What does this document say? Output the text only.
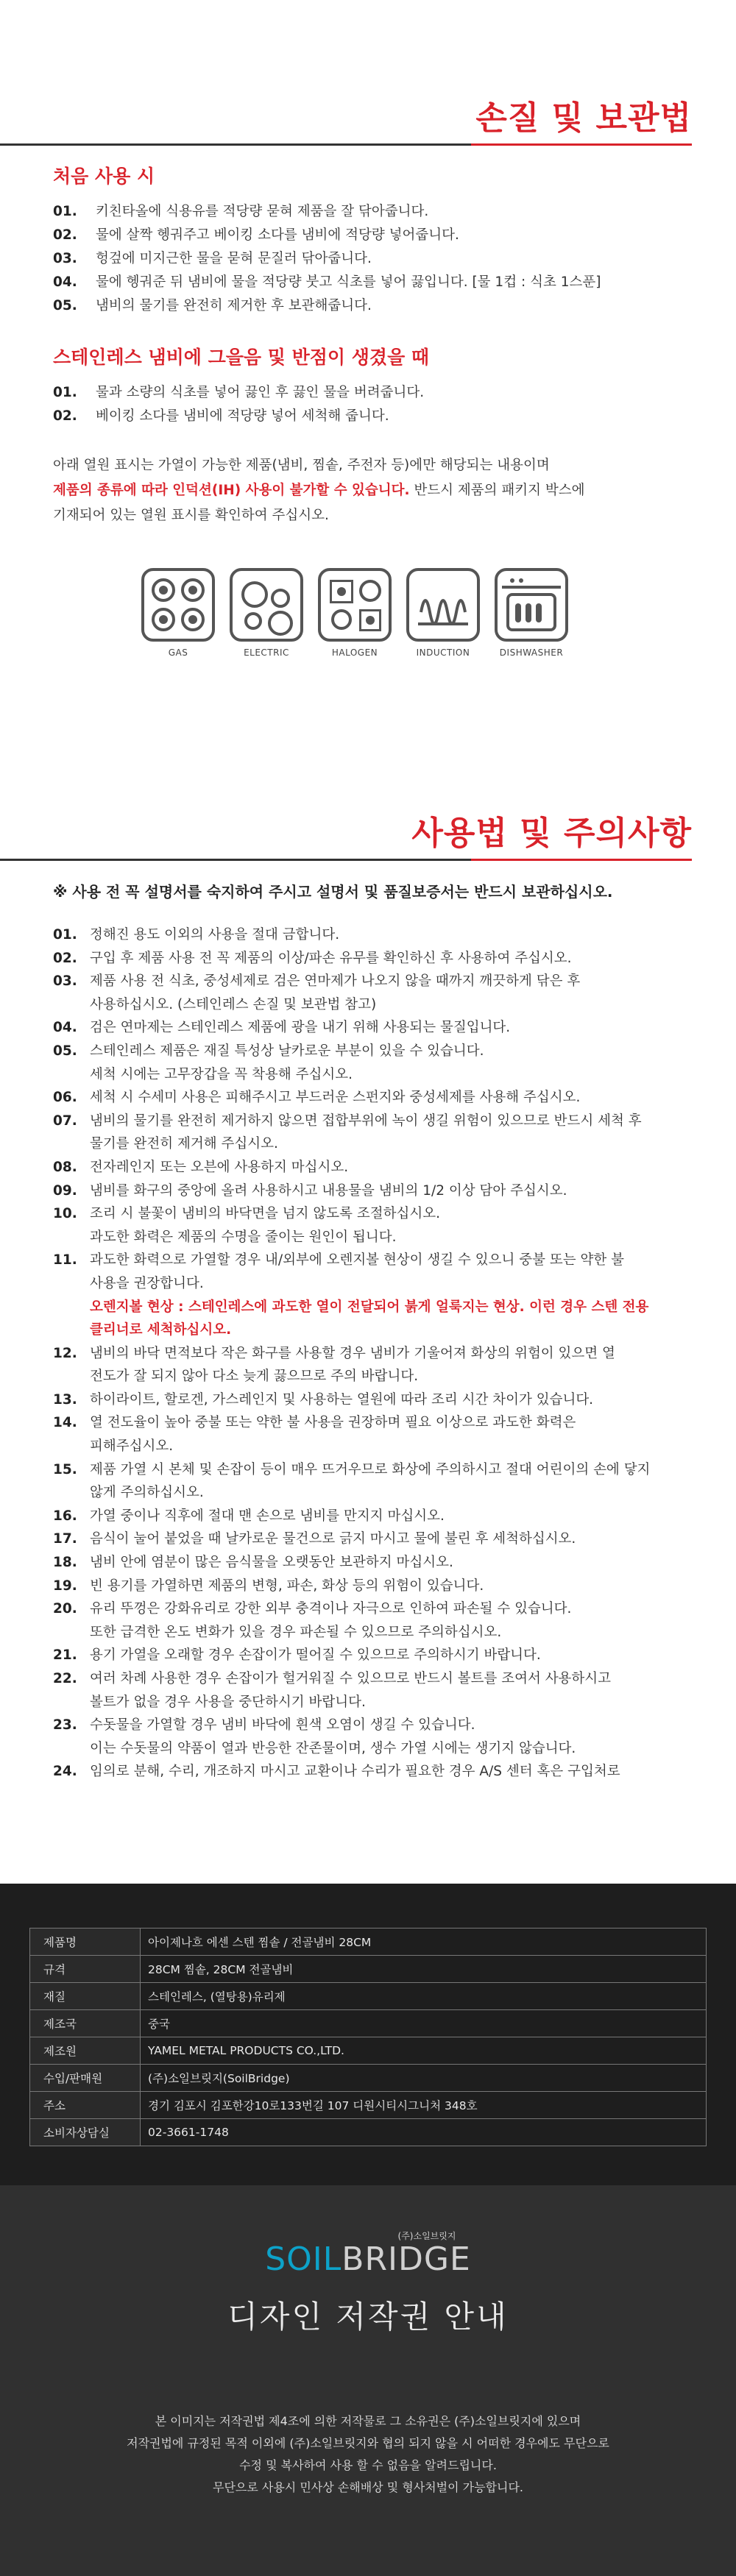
손질 및 보관법
처음 사용 시
01.	키친타올에 식용유를 적당량 묻혀 제품을 잘 닦아줍니다.
02.	물에 살짝 헹궈주고 베이킹 소다를 냄비에 적당량 넣어줍니다.
03.	헝겊에 미지근한 물을 묻혀 문질러 닦아줍니다.
04.	물에 헹궈준 뒤 냄비에 물을 적당량 붓고 식초를 넣어 끓입니다. [물 1컵 : 식초 1스푼]
05.	냄비의 물기를 완전히 제거한 후 보관해줍니다.
스테인레스 냄비에 그을음 및 반점이 생겼을 때
01.	물과 소량의 식초를 넣어 끓인 후 끓인 물을 버려줍니다.
02.	베이킹 소다를 냄비에 적당량 넣어 세척해 줍니다.

아래 열원 표시는 가열이 가능한 제품(냄비, 찜솥, 주전자 등)에만 해당되는 내용이며
제품의 종류에 따라 인덕션(IH) 사용이 불가할 수 있습니다. 반드시 제품의 패키지 박스에
기재되어 있는 열원 표시를 확인하여 주십시오.

GAS	ELECTRIC	HALOGEN	INDUCTION	DISHWASHER
사용법 및 주의사항

※ 사용 전 꼭 설명서를 숙지하여 주시고 설명서 및 품질보증서는 반드시 보관하십시오.

01. 정해진 용도 이외의 사용을 절대 금합니다.
02. 구입 후 제품 사용 전 꼭 제품의 이상/파손 유무를 확인하신 후 사용하여 주십시오.
03. 제품 사용 전 식초, 중성세제로 검은 연마제가 나오지 않을 때까지 깨끗하게 닦은 후
사용하십시오. (스테인레스 손질 및 보관법 참고)
04. 검은 연마제는 스테인레스 제품에 광을 내기 위해 사용되는 물질입니다.
05. 스테인레스 제품은 재질 특성상 날카로운 부분이 있을 수 있습니다.
세척 시에는 고무장갑을 꼭 착용해 주십시오.
06. 세척 시 수세미 사용은 피해주시고 부드러운 스펀지와 중성세제를 사용해 주십시오.
07. 냄비의 물기를 완전히 제거하지 않으면 접합부위에 녹이 생길 위험이 있으므로 반드시 세척 후
물기를 완전히 제거해 주십시오.
08. 전자레인지 또는 오븐에 사용하지 마십시오.
09. 냄비를 화구의 중앙에 올려 사용하시고 내용물을 냄비의 1/2 이상 담아 주십시오.
10. 조리 시 불꽃이 냄비의 바닥면을 넘지 않도록 조절하십시오.
과도한 화력은 제품의 수명을 줄이는 원인이 됩니다.
11. 과도한 화력으로 가열할 경우 내/외부에 오렌지볼 현상이 생길 수 있으니 중불 또는 약한 불
사용을 권장합니다.
오렌지볼 현상 : 스테인레스에 과도한 열이 전달되어 붉게 얼룩지는 현상. 이런 경우 스텐 전용
클리너로 세척하십시오.
12. 냄비의 바닥 면적보다 작은 화구를 사용할 경우 냄비가 기울어져 화상의 위험이 있으면 열
전도가 잘 되지 않아 다소 늦게 끓으므로 주의 바랍니다.
13. 하이라이트, 할로겐, 가스레인지 및 사용하는 열원에 따라 조리 시간 차이가 있습니다.
14. 열 전도율이 높아 중불 또는 약한 불 사용을 권장하며 필요 이상으로 과도한 화력은
피해주십시오.
15. 제품 가열 시 본체 및 손잡이 등이 매우 뜨거우므로 화상에 주의하시고 절대 어린이의 손에 닿지
않게 주의하십시오.
16. 가열 중이나 직후에 절대 맨 손으로 냄비를 만지지 마십시오.
17. 음식이 눌어 붙었을 때 날카로운 물건으로 긁지 마시고 물에 불린 후 세척하십시오.
18. 냄비 안에 염분이 많은 음식물을 오랫동안 보관하지 마십시오.
19. 빈 용기를 가열하면 제품의 변형, 파손, 화상 등의 위험이 있습니다.
20. 유리 뚜껑은 강화유리로 강한 외부 충격이나 자극으로 인하여 파손될 수 있습니다.
또한 급격한 온도 변화가 있을 경우 파손될 수 있으므로 주의하십시오.
21. 용기 가열을 오래할 경우 손잡이가 떨어질 수 있으므로 주의하시기 바랍니다.
22. 여러 차례 사용한 경우 손잡이가 헐거워질 수 있으므로 반드시 볼트를 조여서 사용하시고
볼트가 없을 경우 사용을 중단하시기 바랍니다.
23. 수돗물을 가열할 경우 냄비 바닥에 흰색 오염이 생길 수 있습니다.
이는 수돗물의 약품이 열과 반응한 잔존물이며, 생수 가열 시에는 생기지 않습니다.
24. 임의로 분해, 수리, 개조하지 마시고 교환이나 수리가 필요한 경우 A/S 센터 혹은 구입처로
제품명	아이제나흐 에센 스텐 찜솥 / 전골냄비 28CM
규격	28CM 찜솥, 28CM 전골냄비
재질	스테인레스, (열탕용)유리제
제조국	중국
제조원	YAMEL METAL PRODUCTS CO.,LTD.
수입/판매원	(주)소일브릿지(SoilBridge)
주소	경기 김포시 김포한강10로133번길 107 디원시티시그니처 348호
소비자상담실	02-3661-1748
(주)소일브릿지
SOILBRIDGE
디자인 저작권 안내

본 이미지는 저작권법 제4조에 의한 저작물로 그 소유권은 (주)소일브릿지에 있으며

저작권법에 규정된 목적 이외에 (주)소일브릿지와 협의 되지 않을 시 어떠한 경우에도 무단으로

수정 및 복사하여 사용 할 수 없음을 알려드립니다.

무단으로 사용시 민사상 손해배상 및 형사처벌이 가능합니다.
